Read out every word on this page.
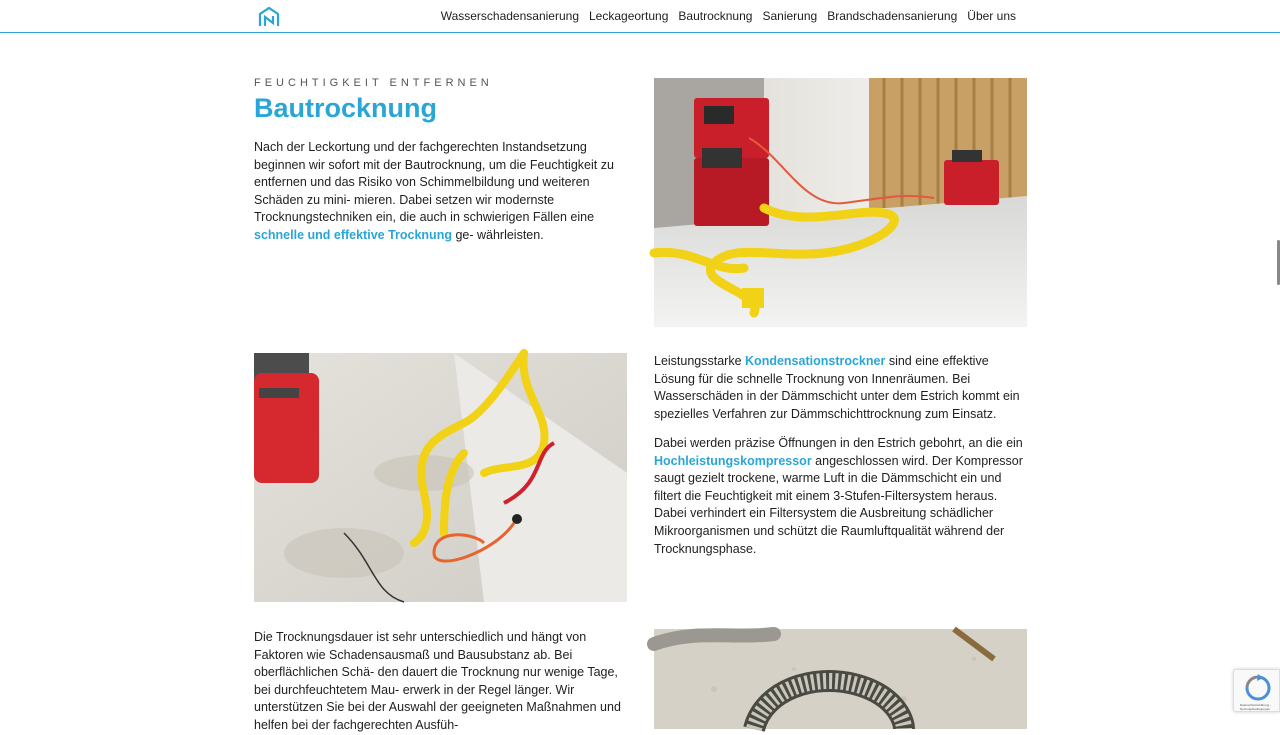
Wasserschadensanierung Leckageortung Bautrocknung Sanierung Brandschadensanierung Über uns
FEUCHTIGKEIT ENTFERNEN
Bautrocknung

Nach der Leckortung und der fachgerechten Instandsetzung beginnen wir sofort mit der Bautrocknung, um die Feuchtigkeit zu entfernen und das Risiko von Schimmelbildung und weiteren Schäden zu mini- mieren. Dabei setzen wir modernste Trocknungstechniken ein, die auch in schwierigen Fällen eine schnelle und effektive Trocknung ge- währleisten.

Leistungsstarke Kondensationstrockner sind eine effektive Lösung für die schnelle Trocknung von Innenräumen. Bei Wasserschäden in der Dämmschicht unter dem Estrich kommt ein spezielles Verfahren zur Dämmschichttrocknung zum Einsatz.

Dabei werden präzise Öffnungen in den Estrich gebohrt, an die ein Hochleistungskompressor angeschlossen wird. Der Kompressor saugt gezielt trockene, warme Luft in die Dämmschicht ein und filtert die Feuchtigkeit mit einem 3-Stufen-Filtersystem heraus. Dabei verhindert ein Filtersystem die Ausbreitung schädlicher Mikroorganismen und schützt die Raumluftqualität während der Trocknungsphase.

Die Trocknungsdauer ist sehr unterschiedlich und hängt von Faktoren wie Schadensausmaß und Bausubstanz ab. Bei oberflächlichen Schä- den dauert die Trocknung nur wenige Tage, bei durchfeuchtetem Mau- erwerk in der Regel länger. Wir unterstützen Sie bei der Auswahl der geeigneten Maßnahmen und helfen bei der fachgerechten Ausfüh-

Datenschutzerklärung - Nutzungsbedingungen
